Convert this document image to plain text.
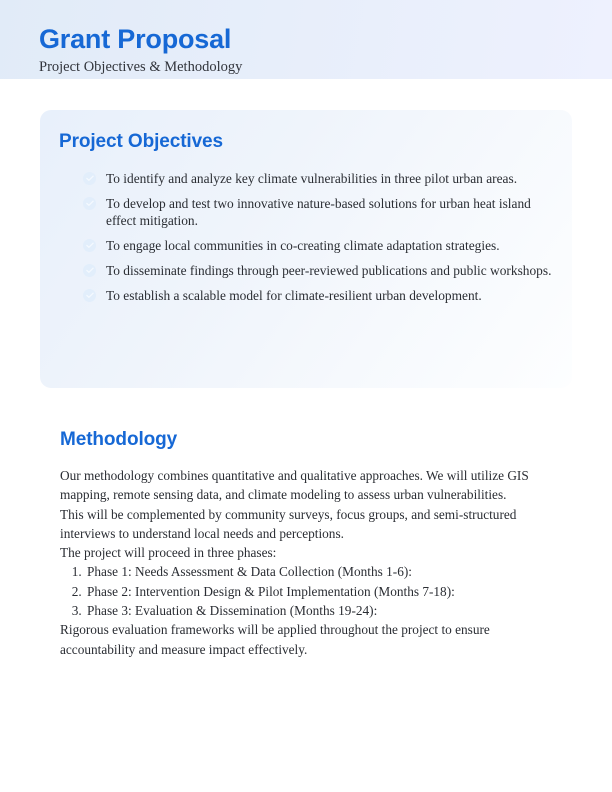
Grant Proposal
Project Objectives & Methodology
Project Objectives
To identify and analyze key climate vulnerabilities in three pilot urban areas.
To develop and test two innovative nature-based solutions for urban heat island effect mitigation.
To engage local communities in co-creating climate adaptation strategies.
To disseminate findings through peer-reviewed publications and public workshops.
To establish a scalable model for climate-resilient urban development.
Methodology

Our methodology combines quantitative and qualitative approaches. We will utilize GIS mapping, remote sensing data, and climate modeling to assess urban vulnerabilities.

This will be complemented by community surveys, focus groups, and semi-structured interviews to understand local needs and perceptions.

The project will proceed in three phases:

1. Phase 1: Needs Assessment & Data Collection (Months 1-6):
2. Phase 2: Intervention Design & Pilot Implementation (Months 7-18):
3. Phase 3: Evaluation & Dissemination (Months 19-24):

Rigorous evaluation frameworks will be applied throughout the project to ensure accountability and measure impact effectively.
